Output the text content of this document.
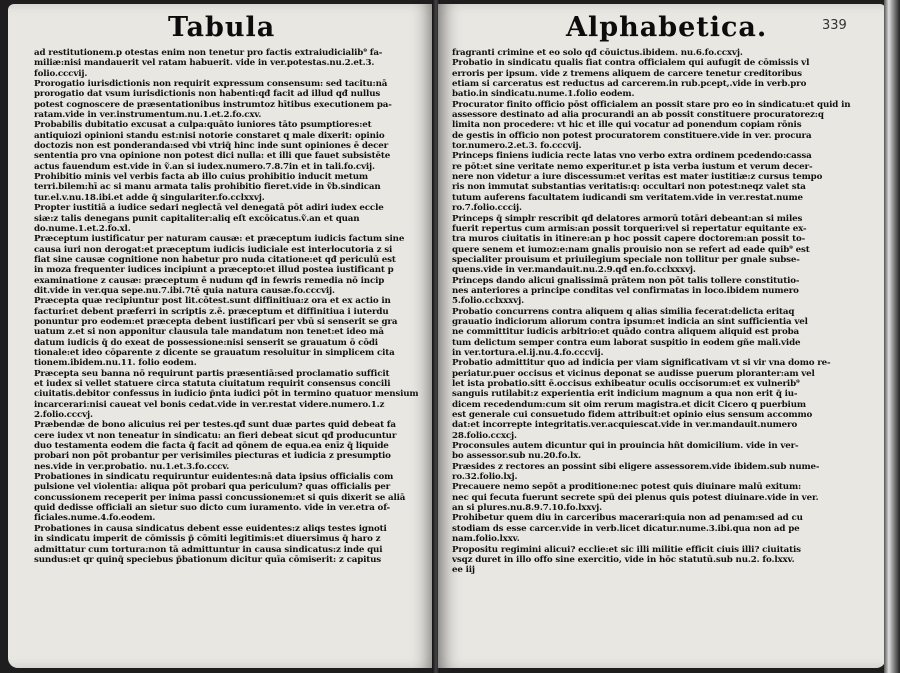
Tabula
ad restitutionem.p otestas enim non tenetur pro factis extraiudicialib⁹ fa-
miliæ:nisi mandauerit vel ratam habuerit. vide in ver.potestas.nu.2.et.3.
folio.cccvij.
Prorogatio iurisdictionis non requirit expressum consensum: sed tacitu:nā
prorogatio dat vsum iurisdictionis non habenti:qđ facit ad illud qđ nullus
potest cognoscere de præsentationibus instrumtoz hītibus executionem pa-
ratam.vide in ver.instrumentum.nu.1.et.2.fo.cxv.
Probabilis dubitatio excusat a culpa:quāto iuniores tāto psumptiores:et
antiquiozi opinioni standu est:nisi notorie constaret q male dixerit: opinio
doctozis non est ponderanda:sed vbi vtriq̄ hinc inde sunt opiniones ē decer
sententia pro vna opinione non potest dici nulla: et illi que fauet subsistēte
actus fauendum est.vide in ṽ.an si iudex.numero.7.8.7in et in tali.fo.cvij.
Prohibitio minis vel verbis facta ab illo cuius prohibitio inducit metum
terri.bilem:hī ac si manu armata talis prohibitio fieret.vide in ṽb.sindican
tur.el.v.nu.18.ibi.et adde q̄ singulariter.fo.cclxxvj.
Propter iustitiā a iudice sedari neglectā vel denegatā pōt adiri iudex eccle
siæ:z talis denegans punit capitaliter:aliq eſt excōicatus.ṽ.an et quan
do.nume.1.et.2.fo.xl.
Præceptum iustificatur per naturam causæ: et præceptum iudicis factum sine
causa iuri non derogat:et præceptum iudicis iudiciale est interlocutoria z si
fiat sine causæ cognitione non habetur pro nuda citatione:et qđ periculū est
in moza frequenter iudices incipiunt a præcepto:et illud postea iustificant p
examinatione z causæ: præceptum ē nudum qđ in fewris remedia nō incip
dit.vide in ver.qua sepe.nu.7.ibi.7tē quia natura causæ.fo.cccvij.
Præcepta quæ recipiuntur post lit.cōtest.sunt diffinitiua:z ora et ex actio in
facturi:et debent præferri in scriptis z.ē. præceptum et diffinitiua i iuterdu
ponuntur pro eodem:et præcepta debent iustificari per vbū si senserit se gra
uatum z.et si non apponitur clausula tale mandatum non tenet:et ideo mā
datum iudicis q̄ do exeat de possessione:nisi senserit se grauatum ō cōdi
tionale:et ideo cōparente z dicente se grauatum resoluitur in simplicem cita
tionem.ibidem.nu.11. folio eodem.
Præcepta seu banna nō requirunt partis præsentiā:sed proclamatio sufficit
et iudex si vellet statuere circa statuta ciuitatum requirit consensus concili
ciuitatis.debitor confessus in iudicio p̄nta iudici pōt in termino quatuor mensium
incarcerari:nisi caueat vel bonis cedat.vide in ver.restat videre.numero.1.z
2.folio.cccvj.
Præbendæ de bono alicuius rei per testes.qđ sunt duæ partes quid debeat fa
cere iudex vt non teneatur in sindicatu: an fieri debeat sicut qđ producuntur
duo testamenta eodem die facta q̄ facit ad qōnem de equa.ea enīz q̄ liquide
probari non pōt probantur per verisimiles piecturas et iudicia z presumptio
nes.vide in ver.probatio. nu.1.et.3.fo.cccv.
Probationes in sindicatu requiruntur euidentes:nā data ipsius officialis com
pulsione vel violentia: aliqua pōt probari qua periculum? quas officialis per
concussionem receperit per inima passi concussionem:et si quis dixerit se aliā
quid dedisse officiali an sietur suo dicto cum iuramento. vide in ver.etra of-
ficiales.nume.4.fo.eodem.
Probationes in causa sindicatus debent esse euidentes:z aliqs testes ignoti
in sindicatu imperit de cōmissis p̄ cōmiti legitimis:et diuersimus q̄ haro z
admittatur cum tortura:non tā admittuntur in causa sindicatus:z inde qui
sundus:et qr quinq̄ speciebus p̄bationum dicitur quīa cōmiserit: z capitus
Alphabetica.	339
fragranti crimine et eo solo qđ cōuictus.ibidem. nu.6.fo.ccxvj.
Probatio in sindicatu qualis fiat contra officialem qui aufugit de cōmissis vl
erroris per ipsum. vide z tremens aliquem de carcere tenetur creditoribus
etiam si carceratus est reductus ad carcerem.in rub.pcept,.vide in verb.pro
batio.in sindicatu.nume.1.folio eodem.
Procurator finito officio pōst officialem an possit stare pro eo in sindicatu:et quid in
assessore destinato ad alia procurandi an ab possit constituere procuratorez:q
limita non procedere: vt hic et ille qui vocatur ad ponendum copiam rōnis
de gestis in officio non potest procuratorem constituere.vide in ver. procura
tor.numero.2.et.3. fo.cccvij.
Princeps finiens iudicia recte latas vno verbo extra ordinem pcedendo:cassa
re pōt:et sine veritate nemo experitur.et p ista verba iustum et verum decer-
nere non videtur a iure discessum:et veritas est mater iustitiæ:z cursus tempo
ris non immutat substantias veritatis:q: occultari non potest:neqz valet sta
tutum auferens facultatem iudicandi sm veritatem.vide in ver.restat.nume
ro.7.folio.cccij.
Princeps q̄ simplr rescribit qđ delatores armorū totāri debeant:an si miles
fuerit repertus cum armis:an possit torqueri:vel si repertatur equitante ex-
tra muros ciuitatis in itinere:an p hoc possit capere doctorem:an possit to-
quere senem et iumoz:e:nam gnalis prouisio non se refert ad eade quib⁹ est
specialiter prouisum et priuilegium speciale non tollitur per gnale subse-
quens.vide in ver.mandauit.nu.2.9.qđ en.fo.cclxxxvj.
Princeps dando alicui gnalissimā prātem non pōt talis tollere constitutio-
nes anteriores a principe conditas vel confirmatas in loco.ibidem numero
5.folio.cclxxxvj.
Probatio concurrens contra aliquem q alias similia fecerat:delicta eritaq
grauatio indiciorum aliorum contra ipsum:et indicia an sint sufficientia vel
ne committitur iudicis arbitrio:et quādo contra aliquem aliquid est proba
tum delictum semper contra eum laborat suspitio in eodem gñe mali.vide
in ver.tortura.el.ij.nu.4.fo.cccvij.
Probatio admittitur quo ad indicia per viam significativam vt si vir vna domo re-
periatur.puer occisus et vicinus deponat se audisse puerum ploranter:am vel
let ista probatio.sitt ē.occisus exhibeatur oculis occisorum:et ex vulnerib⁹
sanguis rutilabit:z experientia erit indicium magnum a qua non erit q̄ iu-
dicem recedendum:cum sit oim rerum magistra.et dicit Cicero q puerbium
est generale cui consuetudo fidem attribuit:et opinio eius sensum accommo
dat:et incorrepte integritatis.ver.acquiescat.vide in ver.mandauit.numero
28.folio.ccxcj.
Proconsules autem dicuntur qui in prouincia hñt domicilium. vide in ver-
bo assessor.sub nu.20.fo.lx.
Præsides z rectores an possint sibi eligere assessorem.vide ibidem.sub nume-
ro.32.folio.lxj.
Precauere nemo sepōt a proditione:nec potest quis diuinare malū exitum:
nec qui fecuta fuerunt secrete spū dei plenus quis potest diuinare.vide in ver.
an si plures.nu.8.9.7.10.fo.lxxvj.
Prohibetur quem diu in carceribus macerari:quia non ad penam:sed ad cu
stodiam ds esse carcer.vide in verb.licet dicatur.nume.3.ibi.qua non ad pe
nam.folio.lxxv.
Propositu regimini alicui? ecclie:et sic illi militie efficit ciuis illi? ciuitatis
vsqz duret in illo offo sine exercitio, vide in hōc statutū.sub nu.2. fo.lxxv.
ee iij
